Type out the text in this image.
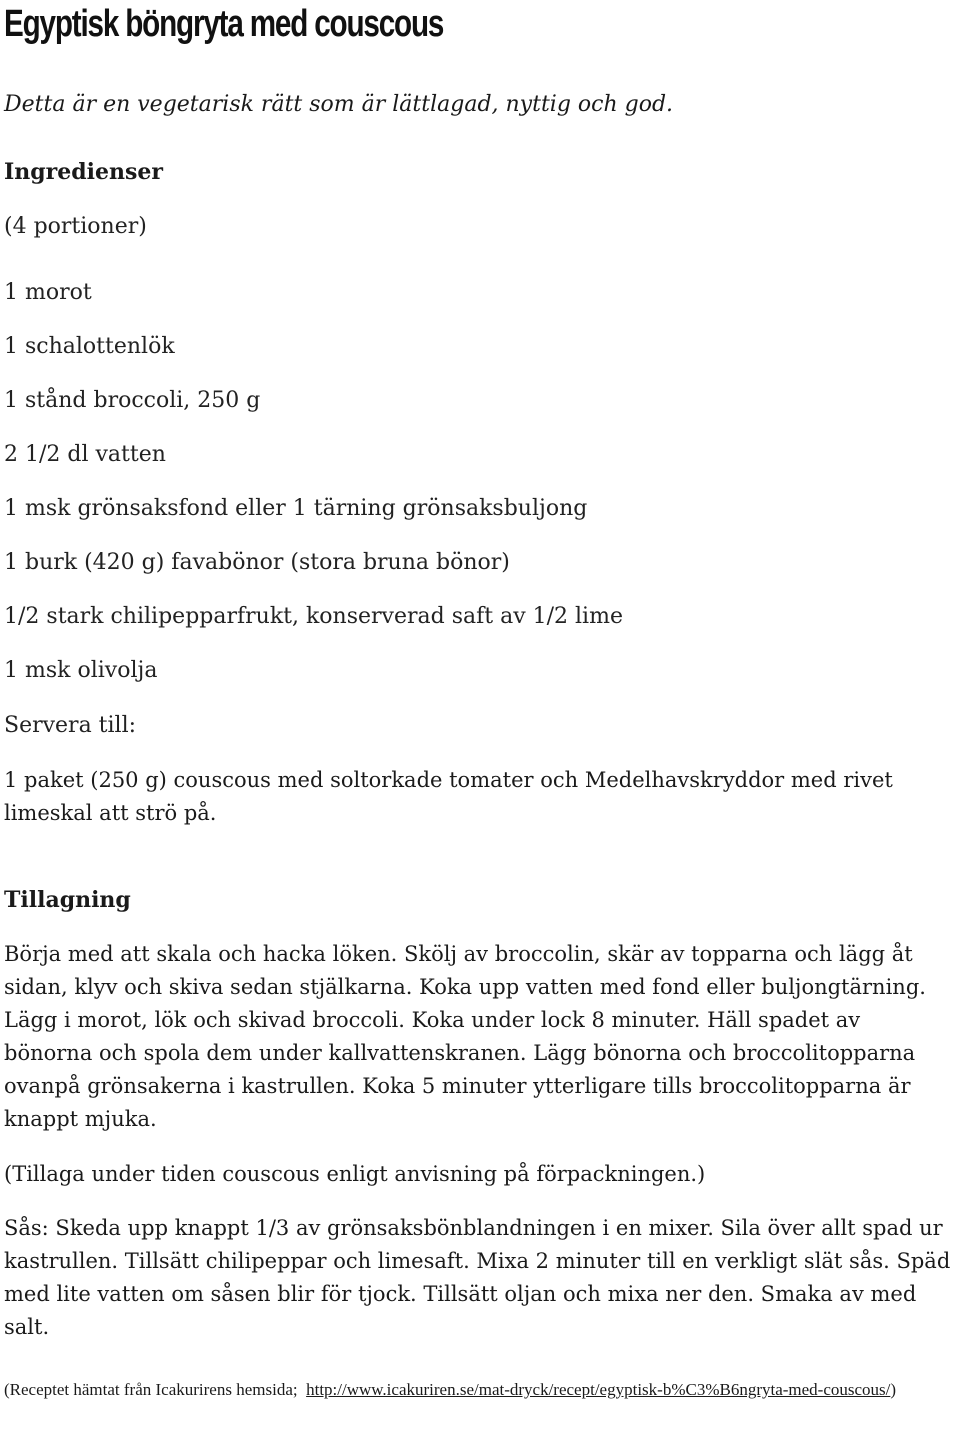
Egyptisk böngryta med couscous

Detta är en vegetarisk rätt som är lättlagad, nyttig och god.

Ingredienser

(4 portioner)

1 morot

1 schalottenlök

1 stånd broccoli, 250 g

2 1/2 dl vatten

1 msk grönsaksfond eller 1 tärning grönsaksbuljong

1 burk (420 g) favabönor (stora bruna bönor)

1/2 stark chilipepparfrukt, konserverad saft av 1/2 lime

1 msk olivolja

Servera till:

1 paket (250 g) couscous med soltorkade tomater och Medelhavskryddor med rivet limeskal att strö på.

Tillagning

Börja med att skala och hacka löken. Skölj av broccolin, skär av topparna och lägg åt sidan, klyv och skiva sedan stjälkarna. Koka upp vatten med fond eller buljongtärning. Lägg i morot, lök och skivad broccoli. Koka under lock 8 minuter. Häll spadet av bönorna och spola dem under kallvattenskranen. Lägg bönorna och broccolitopparna ovanpå grönsakerna i kastrullen. Koka 5 minuter ytterligare tills broccolitopparna är knappt mjuka.

(Tillaga under tiden couscous enligt anvisning på förpackningen.)

Sås: Skeda upp knappt 1/3 av grönsaksbönblandningen i en mixer. Sila över allt spad ur kastrullen. Tillsätt chilipeppar och limesaft. Mixa 2 minuter till en verkligt slät sås. Späd med lite vatten om såsen blir för tjock. Tillsätt oljan och mixa ner den. Smaka av med salt.

(Receptet hämtat från Icakurirens hemsida; http://www.icakuriren.se/mat-dryck/recept/egyptisk-b%C3%B6ngryta-med-couscous/)
